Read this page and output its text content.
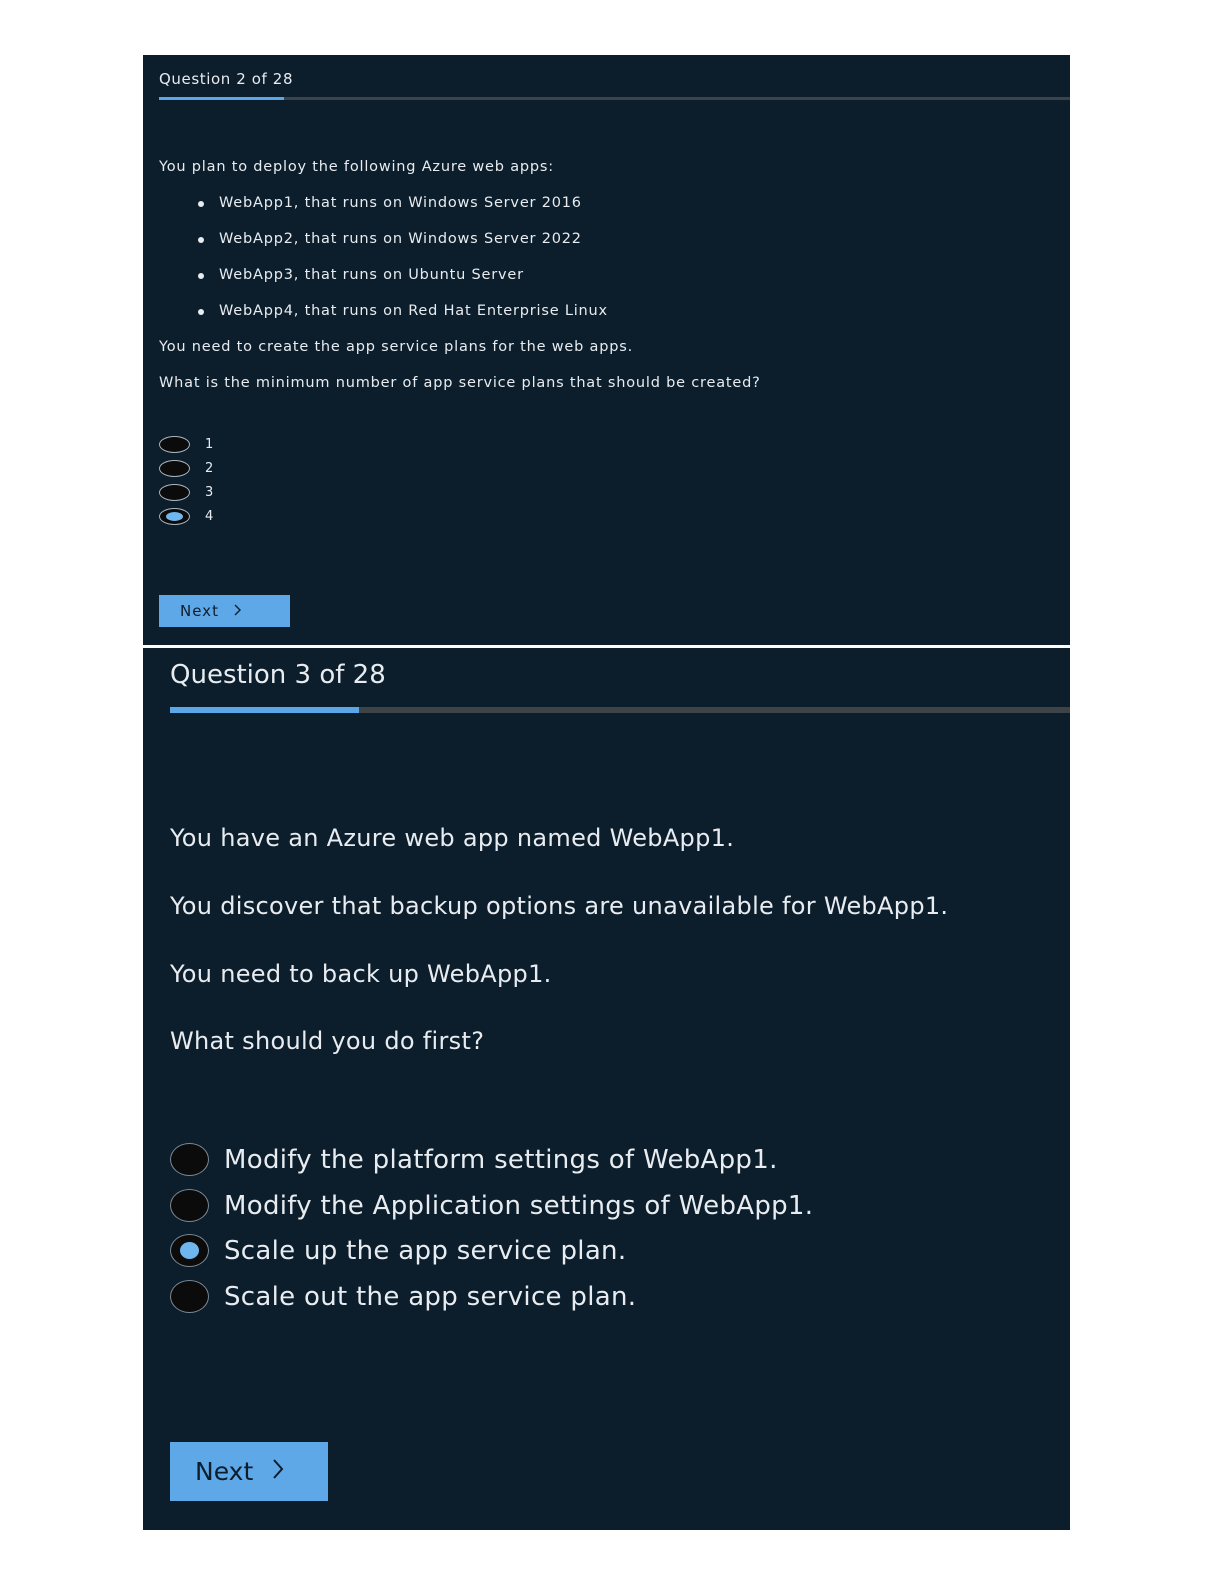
Question 2 of 28
You plan to deploy the following Azure web apps:
WebApp1, that runs on Windows Server 2016
WebApp2, that runs on Windows Server 2022
WebApp3, that runs on Ubuntu Server
WebApp4, that runs on Red Hat Enterprise Linux
You need to create the app service plans for the web apps.
What is the minimum number of app service plans that should be created?
1
2
3
4
Next
Question 3 of 28
You have an Azure web app named WebApp1.
You discover that backup options are unavailable for WebApp1.
You need to back up WebApp1.
What should you do first?
Modify the platform settings of WebApp1.
Modify the Application settings of WebApp1.
Scale up the app service plan.
Scale out the app service plan.
Next
